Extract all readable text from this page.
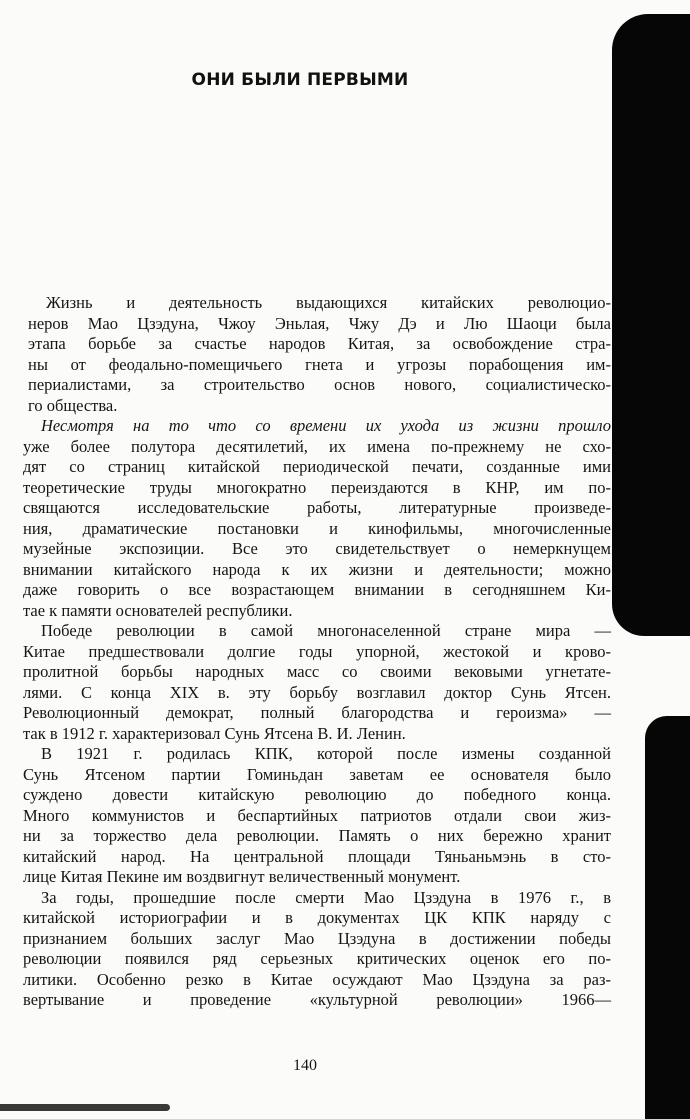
ОНИ БЫЛИ ПЕРВЫМИ
Жизнь и деятельность выдающихся китайских революцио-
неров Мао Цзэдуна, Чжоу Эньлая, Чжу Дэ и Лю Шаоци была
этапа борьбе за счастье народов Китая, за освобождение стра-
ны от феодально-помещичьего гнета и угрозы порабощения им-
периалистами, за строительство основ нового, социалистическо-
го общества.
Несмотря на то что со времени их ухода из жизни прошло
уже более полутора десятилетий, их имена по-прежнему не схо-
дят со страниц китайской периодической печати, созданные ими
теоретические труды многократно переиздаются в КНР, им по-
свящаются исследовательские работы, литературные произведе-
ния, драматические постановки и кинофильмы, многочисленные
музейные экспозиции. Все это свидетельствует о немеркнущем
внимании китайского народа к их жизни и деятельности; можно
даже говорить о все возрастающем внимании в сегодняшнем Ки-
тае к памяти основателей республики.
Победе революции в самой многонаселенной стране мира —
Китае предшествовали долгие годы упорной, жестокой и крово-
пролитной борьбы народных масс со своими вековыми угнетате-
лями. С конца XIX в. эту борьбу возглавил доктор Сунь Ятсен.
Революционный демократ, полный благородства и героизма» —
так в 1912 г. характеризовал Сунь Ятсена В. И. Ленин.
В 1921 г. родилась КПК, которой после измены созданной
Сунь Ятсеном партии Гоминьдан заветам ее основателя было
суждено довести китайскую революцию до победного конца.
Много коммунистов и беспартийных патриотов отдали свои жиз-
ни за торжество дела революции. Память о них бережно хранит
китайский народ. На центральной площади Тяньаньмэнь в сто-
лице Китая Пекине им воздвигнут величественный монумент.
За годы, прошедшие после смерти Мао Цзэдуна в 1976 г., в
китайской историографии и в документах ЦК КПК наряду с
признанием больших заслуг Мао Цзэдуна в достижении победы
революции появился ряд серьезных критических оценок его по-
литики. Особенно резко в Китае осуждают Мао Цзэдуна за раз-
вертывание и проведение «культурной революции» 1966—
140
